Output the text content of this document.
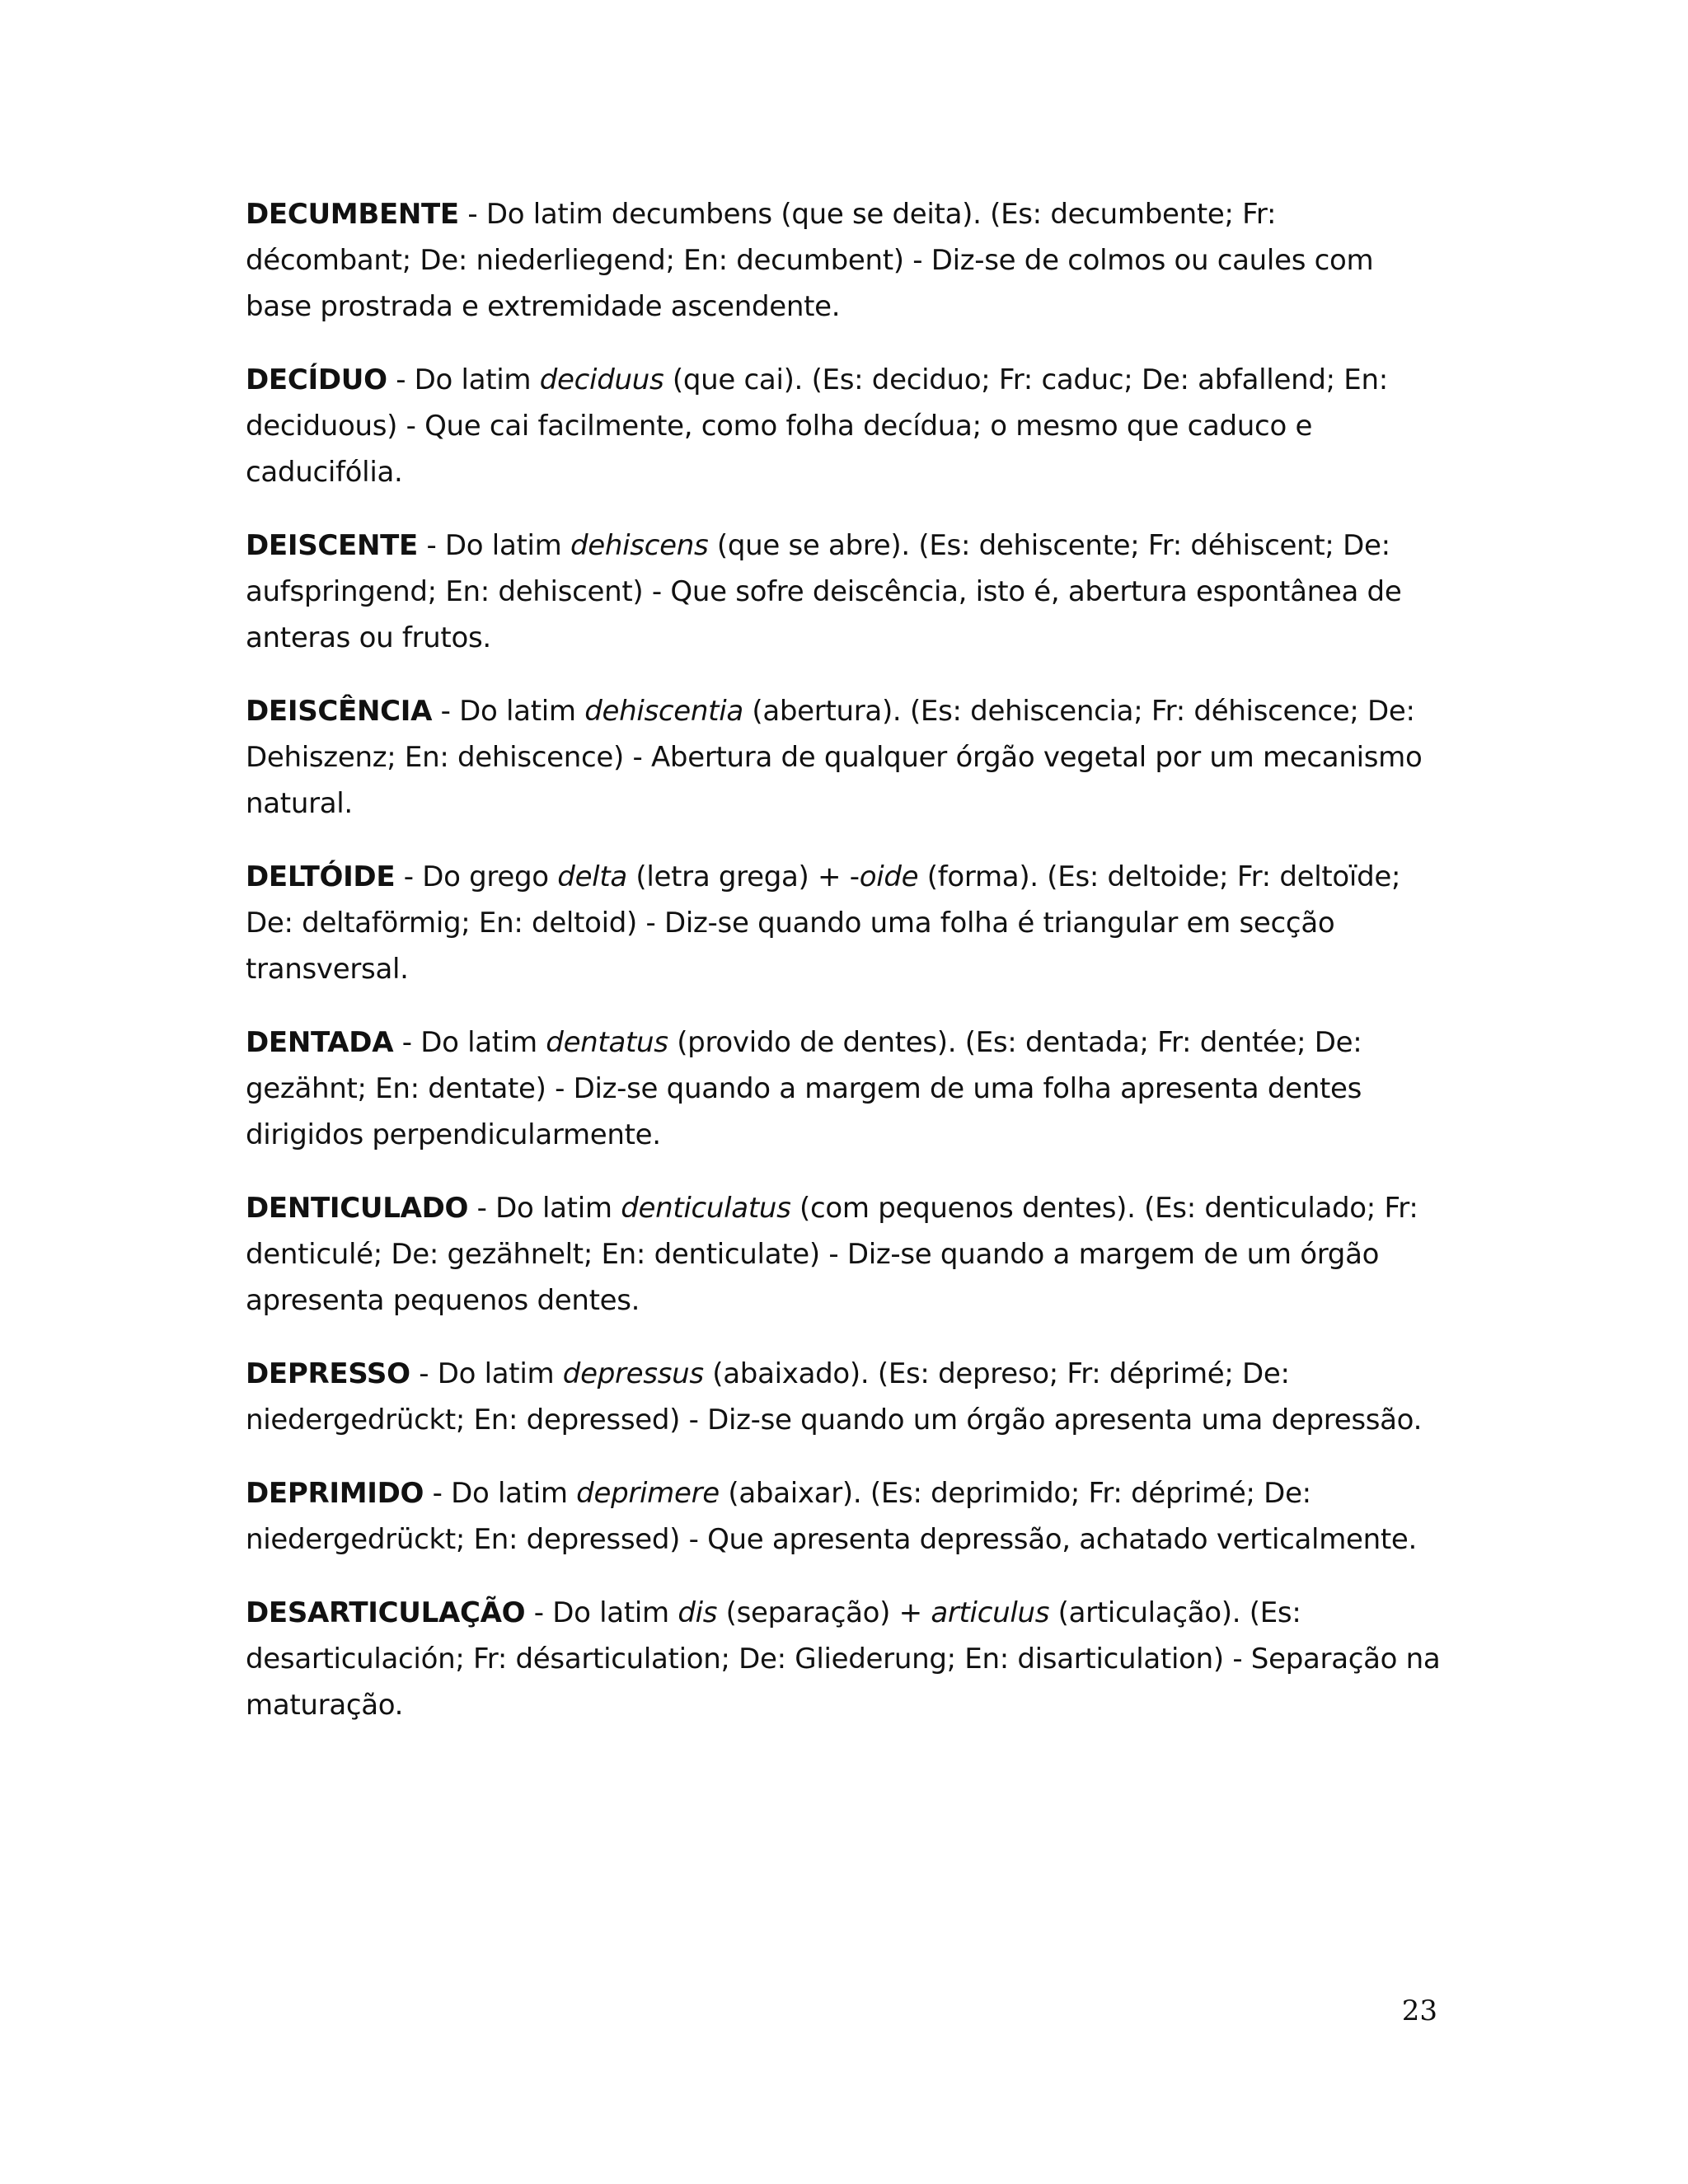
DECUMBENTE - Do latim decumbens (que se deita). (Es: decumbente; Fr: décombant; De: niederliegend; En: decumbent) - Diz-se de colmos ou caules com base prostrada e extremidade ascendente.

DECÍDUO - Do latim deciduus (que cai). (Es: deciduo; Fr: caduc; De: abfallend; En: deciduous) - Que cai facilmente, como folha decídua; o mesmo que caduco e caducifólia.

DEISCENTE - Do latim dehiscens (que se abre). (Es: dehiscente; Fr: déhiscent; De: aufspringend; En: dehiscent) - Que sofre deiscência, isto é, abertura espontânea de anteras ou frutos.

DEISCÊNCIA - Do latim dehiscentia (abertura). (Es: dehiscencia; Fr: déhiscence; De: Dehiszenz; En: dehiscence) - Abertura de qualquer órgão vegetal por um mecanismo natural.

DELTÓIDE - Do grego delta (letra grega) + -oide (forma). (Es: deltoide; Fr: deltoïde; De: deltaförmig; En: deltoid) - Diz-se quando uma folha é triangular em secção transversal.

DENTADA - Do latim dentatus (provido de dentes). (Es: dentada; Fr: dentée; De: gezähnt; En: dentate) - Diz-se quando a margem de uma folha apresenta dentes dirigidos perpendicularmente.

DENTICULADO - Do latim denticulatus (com pequenos dentes). (Es: denticulado; Fr: denticulé; De: gezähnelt; En: denticulate) - Diz-se quando a margem de um órgão apresenta pequenos dentes.

DEPRESSO - Do latim depressus (abaixado). (Es: depreso; Fr: déprimé; De: niedergedrückt; En: depressed) - Diz-se quando um órgão apresenta uma depressão.

DEPRIMIDO - Do latim deprimere (abaixar). (Es: deprimido; Fr: déprimé; De: niedergedrückt; En: depressed) - Que apresenta depressão, achatado verticalmente.

DESARTICULAÇÃO - Do latim dis (separação) + articulus (articulação). (Es: desarticulación; Fr: désarticulation; De: Gliederung; En: disarticulation) - Separação na maturação.

23
